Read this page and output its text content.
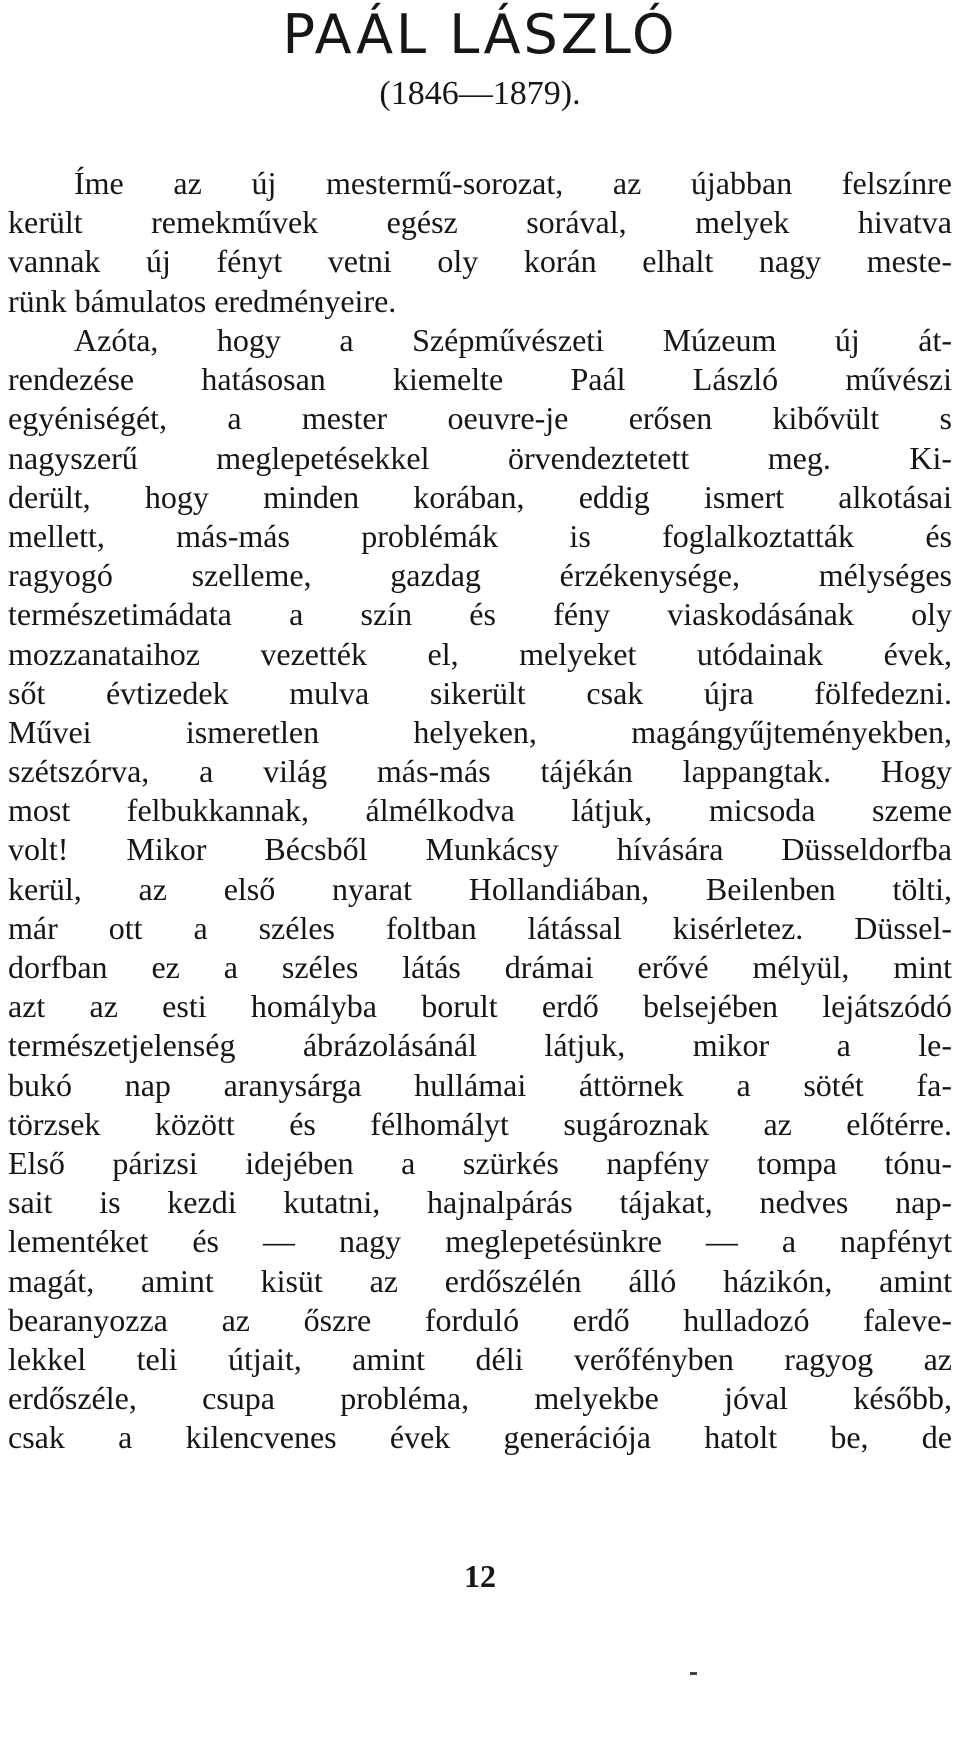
PAÁL LÁSZLÓ
(1846—1879).
Íme az új mestermű-sorozat, az újabban felszínre
került remekművek egész sorával, melyek hivatva
vannak új fényt vetni oly korán elhalt nagy meste-
rünk bámulatos eredményeire.
Azóta, hogy a Szépművészeti Múzeum új át-
rendezése hatásosan kiemelte Paál László művészi
egyéniségét, a mester oeuvre-je erősen kibővült s
nagyszerű meglepetésekkel örvendeztetett meg. Ki-
derült, hogy minden korában, eddig ismert alkotásai
mellett, más-más problémák is foglalkoztatták és
ragyogó szelleme, gazdag érzékenysége, mélységes
természetimádata a szín és fény viaskodásának oly
mozzanataihoz vezették el, melyeket utódainak évek,
sőt évtizedek mulva sikerült csak újra fölfedezni.
Művei ismeretlen helyeken, magángyűjteményekben,
szétszórva, a világ más-más tájékán lappangtak. Hogy
most felbukkannak, álmélkodva látjuk, micsoda szeme
volt! Mikor Bécsből Munkácsy hívására Düsseldorfba
kerül, az első nyarat Hollandiában, Beilenben tölti,
már ott a széles foltban látással kisérletez. Düssel-
dorfban ez a széles látás drámai erővé mélyül, mint
azt az esti homályba borult erdő belsejében lejátszódó
természetjelenség ábrázolásánál látjuk, mikor a le-
bukó nap aranysárga hullámai áttörnek a sötét fa-
törzsek között és félhomályt sugároznak az előtérre.
Első párizsi idejében a szürkés napfény tompa tónu-
sait is kezdi kutatni, hajnalpárás tájakat, nedves nap-
lementéket és — nagy meglepetésünkre — a napfényt
magát, amint kisüt az erdőszélén álló házikón, amint
bearanyozza az őszre forduló erdő hulladozó faleve-
lekkel teli útjait, amint déli verőfényben ragyog az
erdőszéle, csupa probléma, melyekbe jóval később,
csak a kilencvenes évek generációja hatolt be, de
12
